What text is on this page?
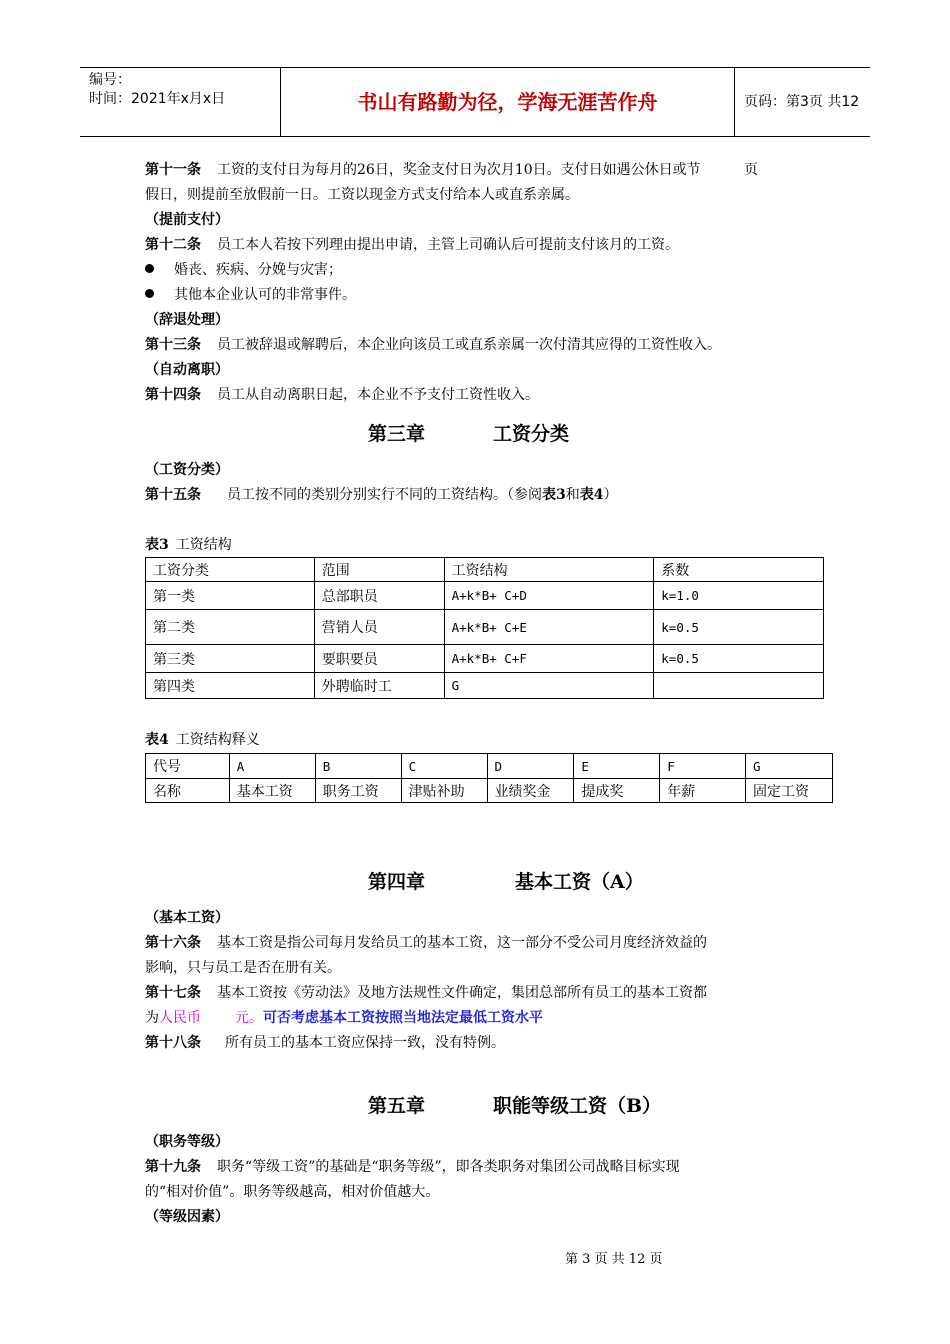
编号：
时间：2021年x月x日	书山有路勤为径，学海无涯苦作舟	页码：第3页 共12页
第十一条 工资的支付日为每月的26日，奖金支付日为次月10日。支付日如遇公休日或节
假日，则提前至放假前一日。工资以现金方式支付给本人或直系亲属。
（提前支付）
第十二条 员工本人若按下列理由提出申请，主管上司确认后可提前支付该月的工资。
婚丧、疾病、分娩与灾害；
其他本企业认可的非常事件。
（辞退处理）
第十三条 员工被辞退或解聘后，本企业向该员工或直系亲属一次付清其应得的工资性收入。
（自动离职）
第十四条 员工从自动离职日起，本企业不予支付工资性收入。
第三章	工资分类
（工资分类）
第十五条 员工按不同的类别分别实行不同的工资结构。（参阅表3和表4）
表3 工资结构
工资分类	范围	工资结构	系数
第一类	总部职员	A+k*B+ C+D	k=1.0
第二类	营销人员	A+k*B+ C+E	k=0.5
第三类	要职要员	A+k*B+ C+F	k=0.5
第四类	外聘临时工	G	
表4 工资结构释义
代号	A	B	C	D	E	F	G
名称	基本工资	职务工资	津贴补助	业绩奖金	提成奖	年薪	固定工资
第四章	基本工资（A）
（基本工资）
第十六条 基本工资是指公司每月发给员工的基本工资，这一部分不受公司月度经济效益的
影响，只与员工是否在册有关。
第十七条 基本工资按《劳动法》及地方法规性文件确定，集团总部所有员工的基本工资都
为人民币 元。可否考虑基本工资按照当地法定最低工资水平
第十八条 所有员工的基本工资应保持一致，没有特例。
第五章	职能等级工资（B）
（职务等级）
第十九条 职务“等级工资”的基础是“职务等级”，即各类职务对集团公司战略目标实现
的“相对价值”。职务等级越高，相对价值越大。
（等级因素）
第 3 页 共 12 页
